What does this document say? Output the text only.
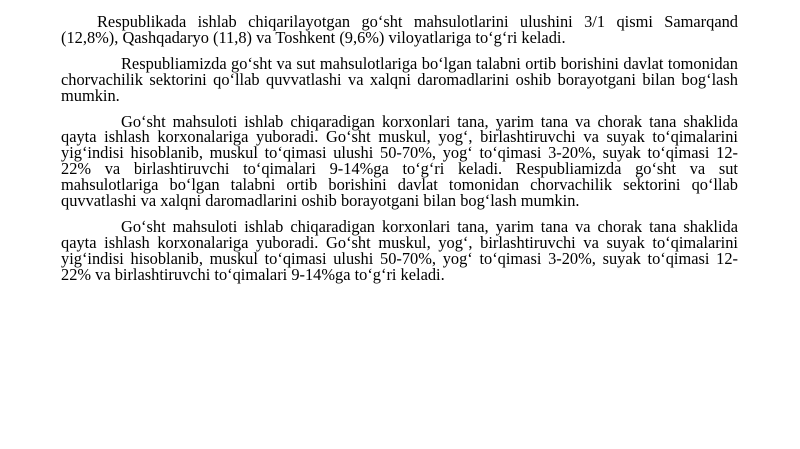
Respublikada ishlab chiqarilayotgan go‘sht mahsulotlarini ulushini 3/1 qismi Samarqand (12,8%), Qashqadaryo (11,8) va Toshkent (9,6%) viloyatlariga to‘g‘ri keladi.

Respubliamizda go‘sht va sut mahsulotlariga bo‘lgan talabni ortib borishini davlat tomonidan chorvachilik sektorini qo‘llab quvvatlashi va xalqni daromadlarini oshib borayotgani bilan bog‘lash mumkin.

Go‘sht mahsuloti ishlab chiqaradigan korxonlari tana, yarim tana va chorak tana shaklida qayta ishlash korxonalariga yuboradi. Go‘sht muskul, yog‘, birlashtiruvchi va suyak to‘qimalarini yig‘indisi hisoblanib, muskul to‘qimasi ulushi 50-70%, yog‘ to‘qimasi 3-20%, suyak to‘qimasi 12-22% va birlashtiruvchi to‘qimalari 9-14%ga to‘g‘ri keladi. Respubliamizda go‘sht va sut mahsulotlariga bo‘lgan talabni ortib borishini davlat tomonidan chorvachilik sektorini qo‘llab quvvatlashi va xalqni daromadlarini oshib borayotgani bilan bog‘lash mumkin.

Go‘sht mahsuloti ishlab chiqaradigan korxonlari tana, yarim tana va chorak tana shaklida qayta ishlash korxonalariga yuboradi. Go‘sht muskul, yog‘, birlashtiruvchi va suyak to‘qimalarini yig‘indisi hisoblanib, muskul to‘qimasi ulushi 50-70%, yog‘ to‘qimasi 3-20%, suyak to‘qimasi 12-22% va birlashtiruvchi to‘qimalari 9-14%ga to‘g‘ri keladi.
